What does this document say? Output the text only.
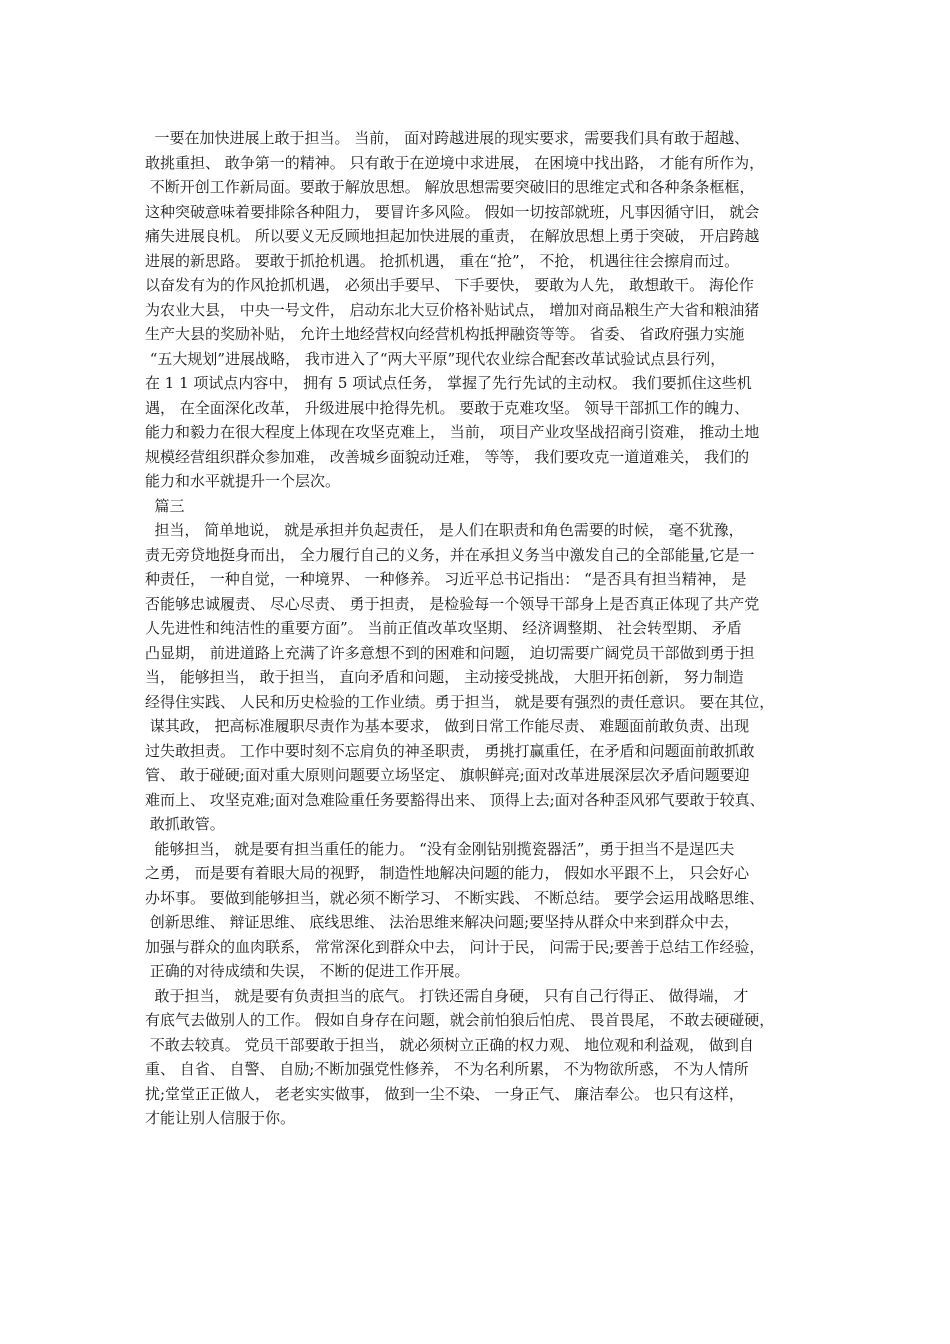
一要在加快进展上敢于担当。 当前， 面对跨越进展的现实要求，需要我们具有敢于超越、
敢挑重担、 敢争第一的精神。 只有敢于在逆境中求进展， 在困境中找出路， 才能有所作为，
不断开创工作新局面。要敢于解放思想。 解放思想需要突破旧的思维定式和各种条条框框，
这种突破意味着要排除各种阻力， 要冒许多风险。 假如一切按部就班，凡事因循守旧， 就会
痛失进展良机。 所以要义无反顾地担起加快进展的重责， 在解放思想上勇于突破， 开启跨越
进展的新思路。 要敢于抓抢机遇。 抢抓机遇， 重在“抢”， 不抢， 机遇往往会擦肩而过。
以奋发有为的作风抢抓机遇， 必须出手要早、 下手要快， 要敢为人先， 敢想敢干。 海伦作
为农业大县， 中央一号文件， 启动东北大豆价格补贴试点， 增加对商品粮生产大省和粮油猪
生产大县的奖励补贴， 允许土地经营权向经营机构抵押融资等等。 省委、 省政府强力实施
“五大规划”进展战略， 我市进入了“两大平原”现代农业综合配套改革试验试点县行列，
在 1 1 项试点内容中， 拥有 5 项试点任务， 掌握了先行先试的主动权。 我们要抓住这些机
遇， 在全面深化改革， 升级进展中抢得先机。 要敢于克难攻坚。 领导干部抓工作的魄力、
能力和毅力在很大程度上体现在攻坚克难上， 当前， 项目产业攻坚战招商引资难， 推动土地
规模经营组织群众参加难， 改善城乡面貌动迁难， 等等， 我们要攻克一道道难关， 我们的
能力和水平就提升一个层次。
篇三
担当， 简单地说， 就是承担并负起责任， 是人们在职责和角色需要的时候， 毫不犹豫，
责无旁贷地挺身而出， 全力履行自己的义务，并在承担义务当中激发自己的全部能量,它是一
种责任， 一种自觉，一种境界、 一种修养。 习近平总书记指出： “是否具有担当精神， 是
否能够忠诚履责、 尽心尽责、 勇于担责， 是检验每一个领导干部身上是否真正体现了共产党
人先进性和纯洁性的重要方面”。 当前正值改革攻坚期、 经济调整期、 社会转型期、 矛盾
凸显期， 前进道路上充满了许多意想不到的困难和问题， 迫切需要广阔党员干部做到勇于担
当， 能够担当， 敢于担当， 直向矛盾和问题， 主动接受挑战， 大胆开拓创新， 努力制造
经得住实践、 人民和历史检验的工作业绩。勇于担当， 就是要有强烈的责任意识。 要在其位，
谋其政， 把高标准履职尽责作为基本要求， 做到日常工作能尽责、 难题面前敢负责、出现
过失敢担责。 工作中要时刻不忘肩负的神圣职责， 勇挑打赢重任，在矛盾和问题面前敢抓敢
管、 敢于碰硬;面对重大原则问题要立场坚定、 旗帜鲜亮;面对改革进展深层次矛盾问题要迎
难而上、 攻坚克难;面对急难险重任务要豁得出来、 顶得上去;面对各种歪风邪气要敢于较真、
敢抓敢管。
能够担当， 就是要有担当重任的能力。 “没有金刚钻别揽瓷器活”，勇于担当不是逞匹夫
之勇， 而是要有着眼大局的视野， 制造性地解决问题的能力， 假如水平跟不上， 只会好心
办坏事。 要做到能够担当，就必须不断学习、 不断实践、 不断总结。 要学会运用战略思维、
创新思维、 辩证思维、 底线思维、 法治思维来解决问题;要坚持从群众中来到群众中去，
加强与群众的血肉联系， 常常深化到群众中去， 问计于民， 问需于民;要善于总结工作经验，
正确的对待成绩和失误， 不断的促进工作开展。
敢于担当， 就是要有负责担当的底气。 打铁还需自身硬， 只有自己行得正、 做得端， 才
有底气去做别人的工作。 假如自身存在问题，就会前怕狼后怕虎、 畏首畏尾， 不敢去硬碰硬，
不敢去较真。 党员干部要敢于担当， 就必须树立正确的权力观、 地位观和利益观， 做到自
重、 自省、 自警、 自励;不断加强党性修养， 不为名利所累， 不为物欲所惑， 不为人情所
扰;堂堂正正做人， 老老实实做事， 做到一尘不染、 一身正气、 廉洁奉公。 也只有这样，
才能让别人信服于你。
